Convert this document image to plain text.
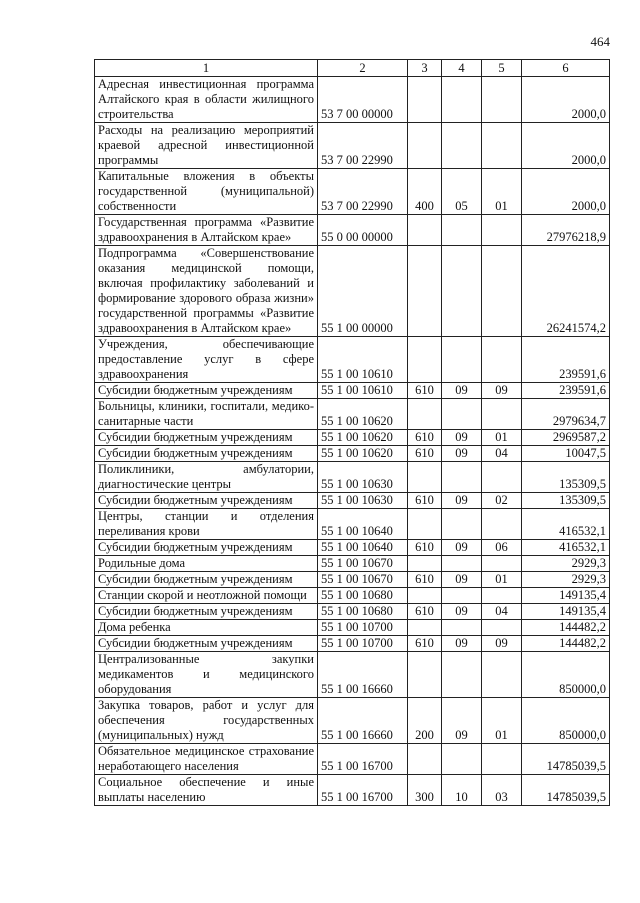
464
1	2	3	4	5	6
Адресная инвестиционная программа Алтайского края в области жилищного строительства	53 7 00 00000				2000,0
Расходы на реализацию мероприятий краевой адресной инвестиционной программы	53 7 00 22990				2000,0
Капитальные вложения в объекты государственной (муниципальной) собственности	53 7 00 22990	400	05	01	2000,0
Государственная программа «Развитие здравоохранения в Алтайском крае»	55 0 00 00000				27976218,9
Подпрограмма «Совершенствование оказания медицинской помощи, включая профилактику заболеваний и формирование здорового образа жизни» государственной программы «Развитие здравоохранения в Алтайском крае»	55 1 00 00000				26241574,2
Учреждения, обеспечивающие предоставление услуг в сфере здравоохранения	55 1 00 10610				239591,6
Субсидии бюджетным учреждениям	55 1 00 10610	610	09	09	239591,6
Больницы, клиники, госпитали, медико-санитарные части	55 1 00 10620				2979634,7
Субсидии бюджетным учреждениям	55 1 00 10620	610	09	01	2969587,2
Субсидии бюджетным учреждениям	55 1 00 10620	610	09	04	10047,5
Поликлиники, амбулатории, диагностические центры	55 1 00 10630				135309,5
Субсидии бюджетным учреждениям	55 1 00 10630	610	09	02	135309,5
Центры, станции и отделения переливания крови	55 1 00 10640				416532,1
Субсидии бюджетным учреждениям	55 1 00 10640	610	09	06	416532,1
Родильные дома	55 1 00 10670				2929,3
Субсидии бюджетным учреждениям	55 1 00 10670	610	09	01	2929,3
Станции скорой и неотложной помощи	55 1 00 10680				149135,4
Субсидии бюджетным учреждениям	55 1 00 10680	610	09	04	149135,4
Дома ребенка	55 1 00 10700				144482,2
Субсидии бюджетным учреждениям	55 1 00 10700	610	09	09	144482,2
Централизованные закупки медикаментов и медицинского оборудования	55 1 00 16660				850000,0
Закупка товаров, работ и услуг для обеспечения государственных (муниципальных) нужд	55 1 00 16660	200	09	01	850000,0
Обязательное медицинское страхование неработающего населения	55 1 00 16700				14785039,5
Социальное обеспечение и иные выплаты населению	55 1 00 16700	300	10	03	14785039,5
